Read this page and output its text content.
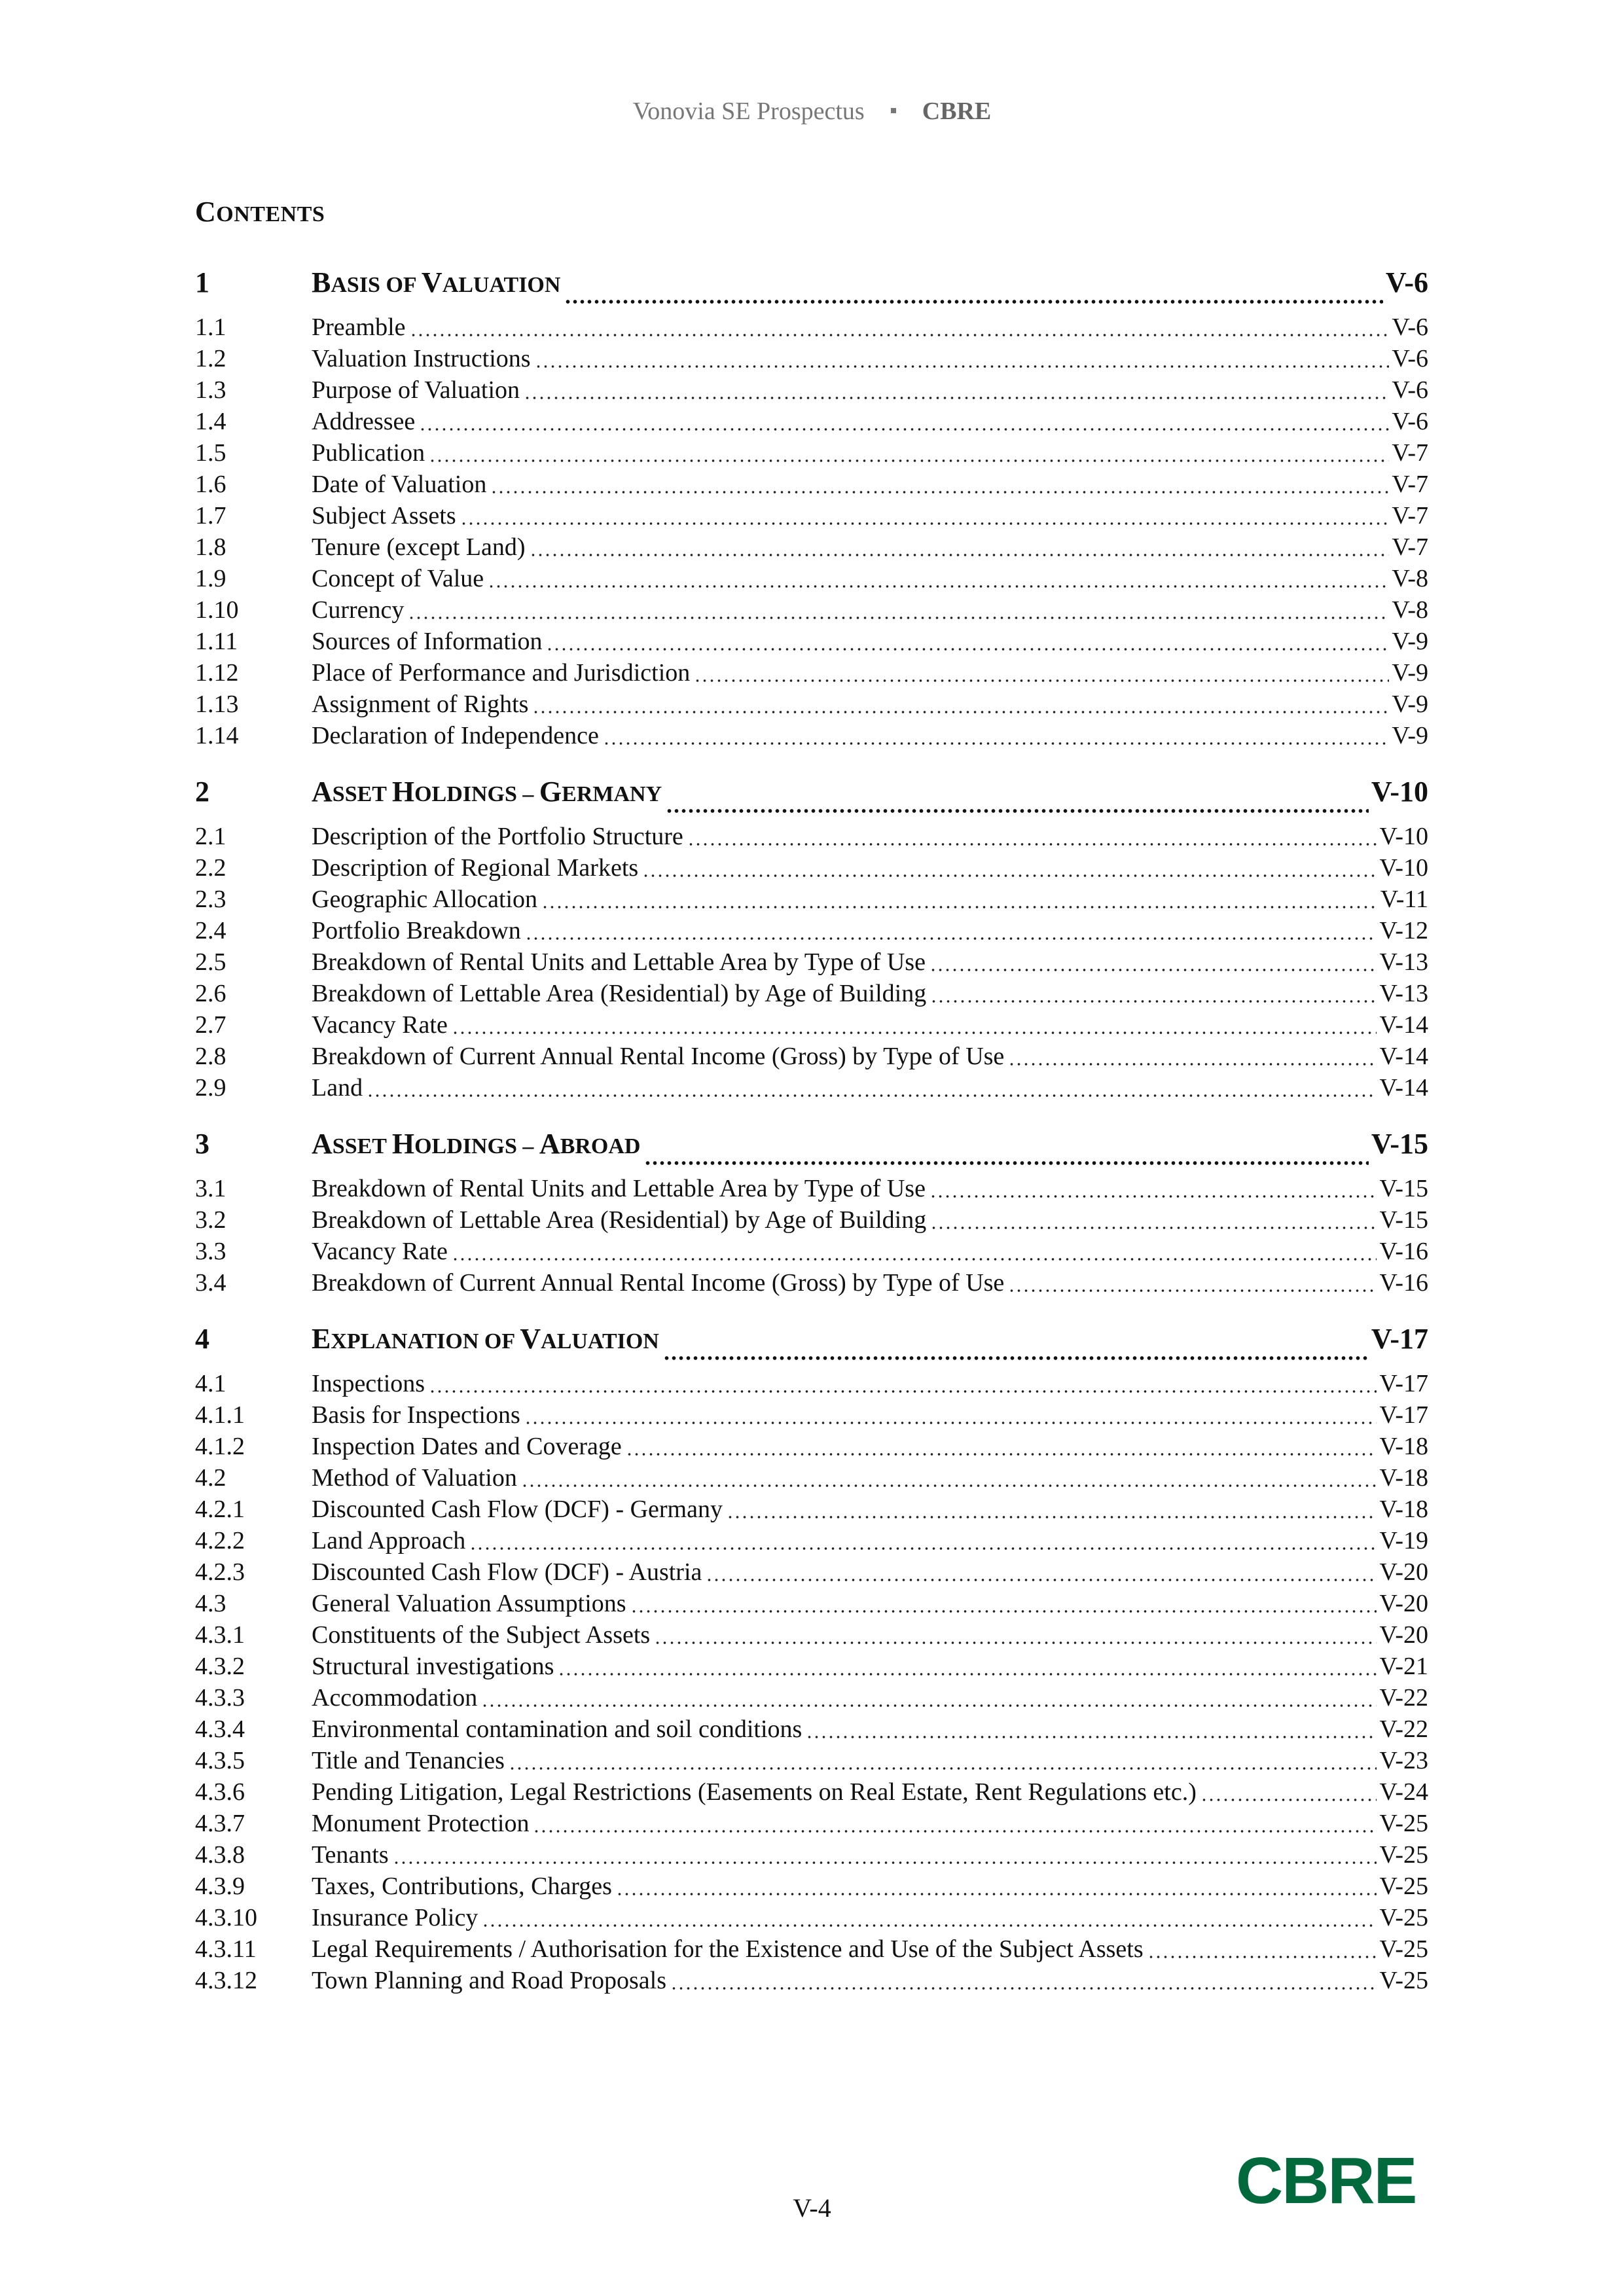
Vonovia SE Prospectus CBRE
CONTENTS
1	BASIS OF VALUATION	V-6
1.1	Preamble	V-6
1.2	Valuation Instructions	V-6
1.3	Purpose of Valuation	V-6
1.4	Addressee	V-6
1.5	Publication	V-7
1.6	Date of Valuation	V-7
1.7	Subject Assets	V-7
1.8	Tenure (except Land)	V-7
1.9	Concept of Value	V-8
1.10	Currency	V-8
1.11	Sources of Information	V-9
1.12	Place of Performance and Jurisdiction	V-9
1.13	Assignment of Rights	V-9
1.14	Declaration of Independence	V-9
2	ASSET HOLDINGS – GERMANY	V-10
2.1	Description of the Portfolio Structure	V-10
2.2	Description of Regional Markets	V-10
2.3	Geographic Allocation	V-11
2.4	Portfolio Breakdown	V-12
2.5	Breakdown of Rental Units and Lettable Area by Type of Use	V-13
2.6	Breakdown of Lettable Area (Residential) by Age of Building	V-13
2.7	Vacancy Rate	V-14
2.8	Breakdown of Current Annual Rental Income (Gross) by Type of Use	V-14
2.9	Land	V-14
3	ASSET HOLDINGS – ABROAD	V-15
3.1	Breakdown of Rental Units and Lettable Area by Type of Use	V-15
3.2	Breakdown of Lettable Area (Residential) by Age of Building	V-15
3.3	Vacancy Rate	V-16
3.4	Breakdown of Current Annual Rental Income (Gross) by Type of Use	V-16
4	EXPLANATION OF VALUATION	V-17
4.1	Inspections	V-17
4.1.1	Basis for Inspections	V-17
4.1.2	Inspection Dates and Coverage	V-18
4.2	Method of Valuation	V-18
4.2.1	Discounted Cash Flow (DCF) - Germany	V-18
4.2.2	Land Approach	V-19
4.2.3	Discounted Cash Flow (DCF) - Austria	V-20
4.3	General Valuation Assumptions	V-20
4.3.1	Constituents of the Subject Assets	V-20
4.3.2	Structural investigations	V-21
4.3.3	Accommodation	V-22
4.3.4	Environmental contamination and soil conditions	V-22
4.3.5	Title and Tenancies	V-23
4.3.6	Pending Litigation, Legal Restrictions (Easements on Real Estate, Rent Regulations etc.)	V-24
4.3.7	Monument Protection	V-25
4.3.8	Tenants	V-25
4.3.9	Taxes, Contributions, Charges	V-25
4.3.10	Insurance Policy	V-25
4.3.11	Legal Requirements / Authorisation for the Existence and Use of the Subject Assets	V-25
4.3.12	Town Planning and Road Proposals	V-25
V-4	CBRE
